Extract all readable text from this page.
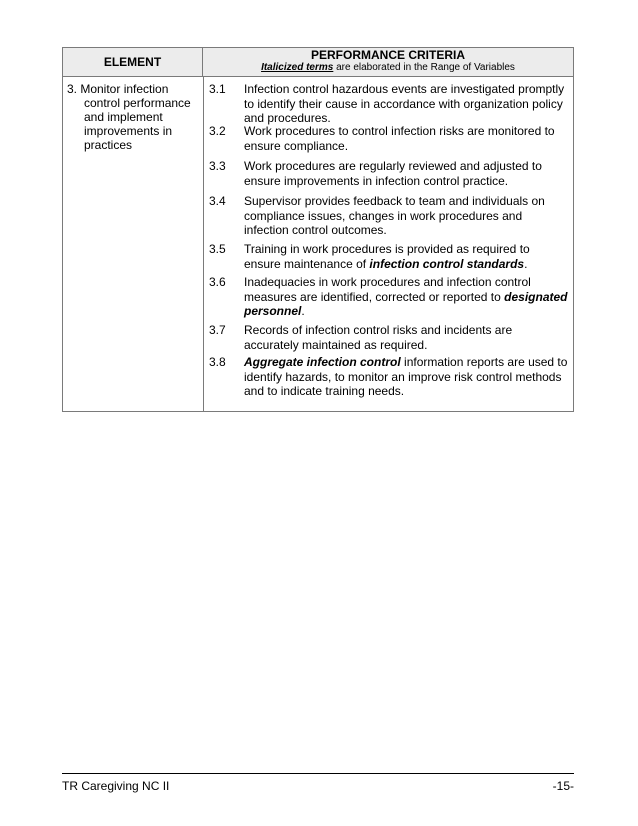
ELEMENT	PERFORMANCE CRITERIA
Italicized terms are elaborated in the Range of Variables
3. Monitor infection
control performance
and implement
improvements in
practices
3.1	Infection control hazardous events are investigated promptly to identify their cause in accordance with organization policy and procedures.
3.2	Work procedures to control infection risks are monitored to ensure compliance.
3.3	Work procedures are regularly reviewed and adjusted to ensure improvements in infection control practice.
3.4	Supervisor provides feedback to team and individuals on compliance issues, changes in work procedures and infection control outcomes.
3.5	Training in work procedures is provided as required to ensure maintenance of infection control standards.
3.6	Inadequacies in work procedures and infection control measures are identified, corrected or reported to designated personnel.
3.7	Records of infection control risks and incidents are accurately maintained as required.
3.8	Aggregate infection control information reports are used to identify hazards, to monitor an improve risk control methods and to indicate training needs.
TR Caregiving NC II	-15-
